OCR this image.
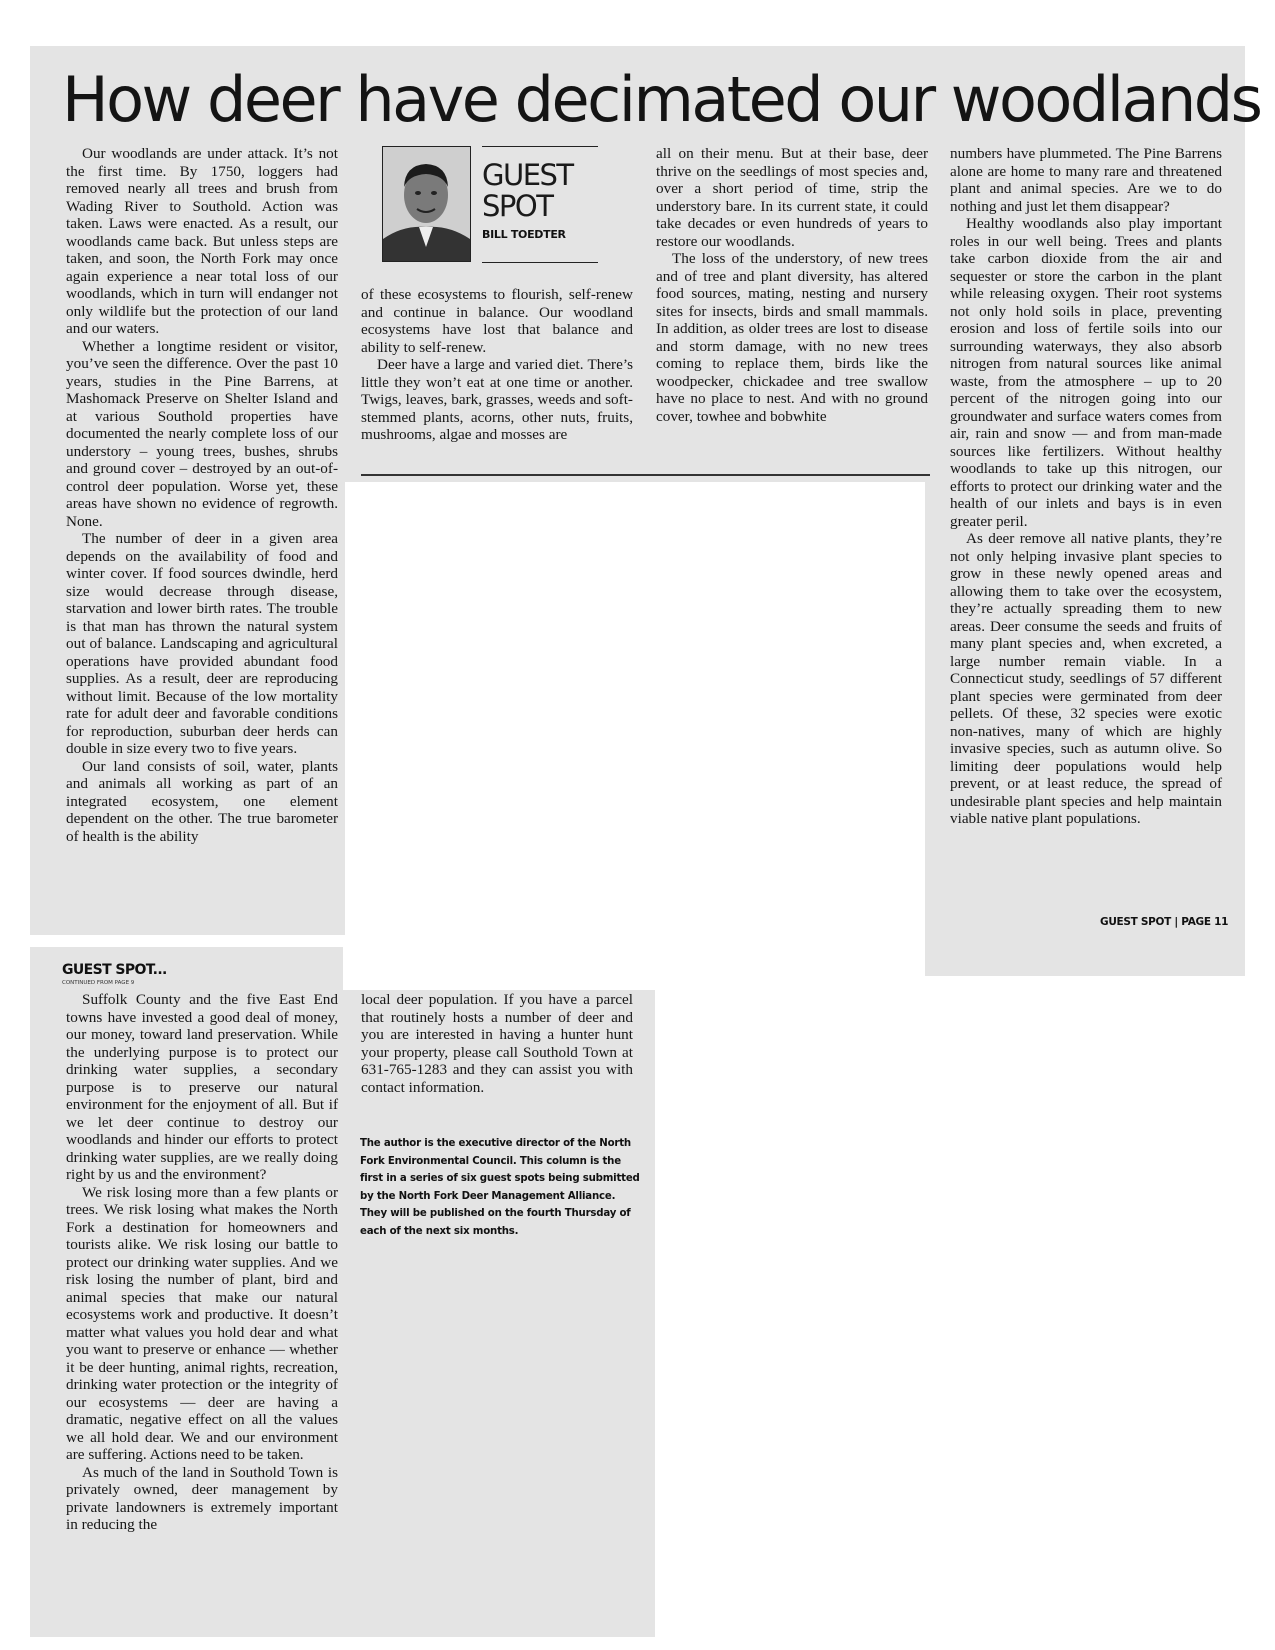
How deer have decimated our woodlands

Our woodlands are under attack. It’s not the first time. By 1750, loggers had removed nearly all trees and brush from Wading River to Southold. Action was taken. Laws were enacted. As a result, our woodlands came back. But unless steps are taken, and soon, the North Fork may once again experience a near total loss of our woodlands, which in turn will endanger not only wildlife but the protection of our land and our waters.

Whether a longtime resident or visitor, you’ve seen the difference. Over the past 10 years, studies in the Pine Barrens, at Mashomack Preserve on Shelter Island and at various Southold properties have documented the nearly complete loss of our understory – young trees, bushes, shrubs and ground cover – destroyed by an out-of-control deer population. Worse yet, these areas have shown no evidence of regrowth. None.

The number of deer in a given area depends on the availability of food and winter cover. If food sources dwindle, herd size would decrease through disease, starvation and lower birth rates. The trouble is that man has thrown the natural system out of balance. Landscaping and agricultural operations have provided abundant food supplies. As a result, deer are reproducing without limit. Because of the low mortality rate for adult deer and favorable conditions for reproduction, suburban deer herds can double in size every two to five years.

Our land consists of soil, water, plants and animals all working as part of an integrated ecosystem, one element dependent on the other. The true barometer of health is the ability

GUEST
SPOT
BILL TOEDTER

of these ecosystems to flourish, self-renew and continue in balance. Our woodland ecosystems have lost that balance and ability to self-renew.

Deer have a large and varied diet. There’s little they won’t eat at one time or another. Twigs, leaves, bark, grasses, weeds and soft-stemmed plants, acorns, other nuts, fruits, mushrooms, algae and mosses are

all on their menu. But at their base, deer thrive on the seedlings of most species and, over a short period of time, strip the understory bare. In its current state, it could take decades or even hundreds of years to restore our woodlands.

The loss of the understory, of new trees and of tree and plant diversity, has altered food sources, mating, nesting and nursery sites for insects, birds and small mammals. In addition, as older trees are lost to disease and storm damage, with no new trees coming to replace them, birds like the woodpecker, chickadee and tree swallow have no place to nest. And with no ground cover, towhee and bobwhite

numbers have plummeted. The Pine Barrens alone are home to many rare and threatened plant and animal species. Are we to do nothing and just let them disappear?

Healthy woodlands also play important roles in our well being. Trees and plants take carbon dioxide from the air and sequester or store the carbon in the plant while releasing oxygen. Their root systems not only hold soils in place, preventing erosion and loss of fertile soils into our surrounding waterways, they also absorb nitrogen from natural sources like animal waste, from the atmosphere – up to 20 percent of the nitrogen going into our groundwater and surface waters comes from air, rain and snow — and from man-made sources like fertilizers. Without healthy woodlands to take up this nitrogen, our efforts to protect our drinking water and the health of our inlets and bays is in even greater peril.

As deer remove all native plants, they’re not only helping invasive plant species to grow in these newly opened areas and allowing them to take over the ecosystem, they’re actually spreading them to new areas. Deer consume the seeds and fruits of many plant species and, when excreted, a large number remain viable. In a Connecticut study, seedlings of 57 different plant species were germinated from deer pellets. Of these, 32 species were exotic non-natives, many of which are highly invasive species, such as autumn olive. So limiting deer populations would help prevent, or at least reduce, the spread of undesirable plant species and help maintain viable native plant populations.

GUEST SPOT | PAGE 11
GUEST SPOT...
CONTINUED FROM PAGE 9

Suffolk County and the five East End towns have invested a good deal of money, our money, toward land preservation. While the underlying purpose is to protect our drinking water supplies, a secondary purpose is to preserve our natural environment for the enjoyment of all. But if we let deer continue to destroy our woodlands and hinder our efforts to protect drinking water supplies, are we really doing right by us and the environment?

We risk losing more than a few plants or trees. We risk losing what makes the North Fork a destination for homeowners and tourists alike. We risk losing our battle to protect our drinking water supplies. And we risk losing the number of plant, bird and animal species that make our natural ecosystems work and productive. It doesn’t matter what values you hold dear and what you want to preserve or enhance — whether it be deer hunting, animal rights, recreation, drinking water protection or the integrity of our ecosystems — deer are having a dramatic, negative effect on all the values we all hold dear. We and our environment are suffering. Actions need to be taken.

As much of the land in Southold Town is privately owned, deer management by private landowners is extremely important in reducing the

local deer population. If you have a parcel that routinely hosts a number of deer and you are interested in having a hunter hunt your property, please call Southold Town at 631-765-1283 and they can assist you with contact information.

The author is the executive director of the North Fork Environmental Council. This column is the first in a series of six guest spots being submitted by the North Fork Deer Management Alliance. They will be published on the fourth Thursday of each of the next six months.
